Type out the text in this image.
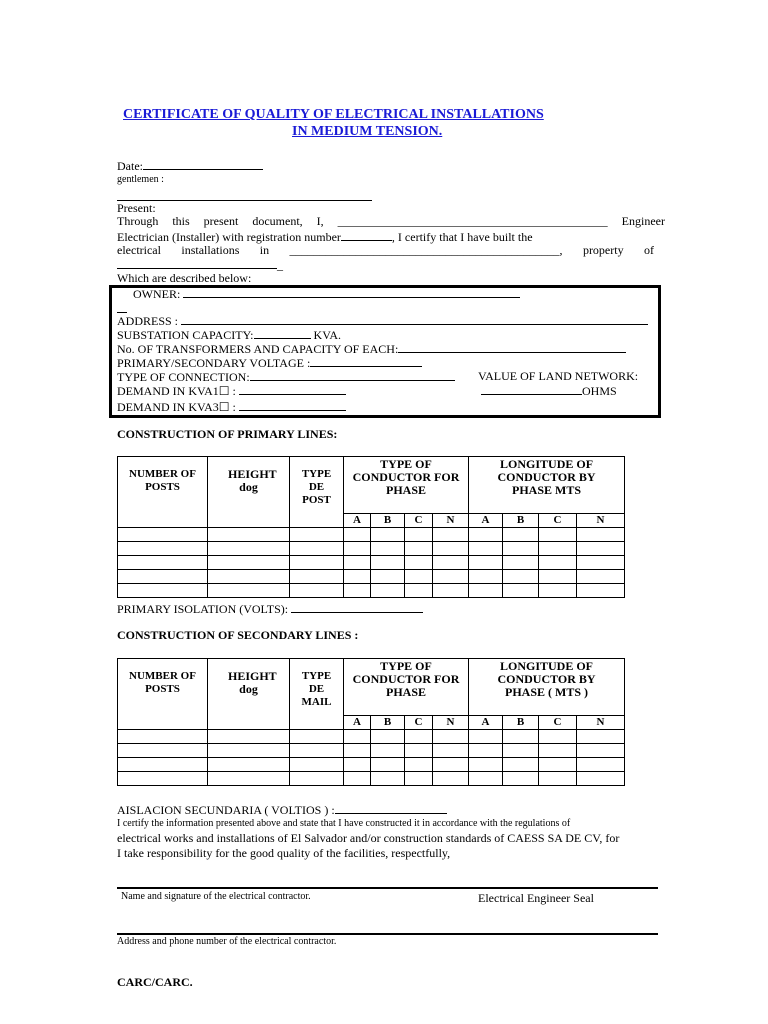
CERTIFICATE OF QUALITY OF ELECTRICAL INSTALLATIONS
IN MEDIUM TENSION.
Date:
gentlemen :
Present:
Through this present document, I, _____________________________________________ Engineer
Electrician (Installer) with registration number	, I certify that I have built the
electrical installations in _____________________________________________, property of
_
Which are described below:
OWNER:
ADDRESS :
SUBSTATION CAPACITY:	KVA.
No. OF TRANSFORMERS AND CAPACITY OF EACH:
PRIMARY/SECONDARY VOLTAGE :
TYPE OF CONNECTION:	VALUE OF LAND NETWORK:
DEMAND IN KVA1☐ :	OHMS
DEMAND IN KVA3☐ :
CONSTRUCTION OF PRIMARY LINES:
NUMBER OF POSTS	HEIGHT dog	TYPE DE POST	TYPE OF CONDUCTOR FOR PHASE				LONGITUDE OF CONDUCTOR BY PHASE MTS			
			A	B	C	N	A	B	C	N

PRIMARY ISOLATION (VOLTS):
CONSTRUCTION OF SECONDARY LINES :
NUMBER OF POSTS	HEIGHT dog	TYPE DE MAIL	TYPE OF CONDUCTOR FOR PHASE				LONGITUDE OF CONDUCTOR BY PHASE ( MTS )			
			A	B	C	N	A	B	C	N

AISLACION SECUNDARIA ( VOLTIOS ) :
I certify the information presented above and state that I have constructed it in accordance with the regulations of
electrical works and installations of El Salvador and/or construction standards of CAESS SA DE CV, for
I take responsibility for the good quality of the facilities, respectfully,
Name and signature of the electrical contractor.	Electrical Engineer Seal
Address and phone number of the electrical contractor.
CARC/CARC.
